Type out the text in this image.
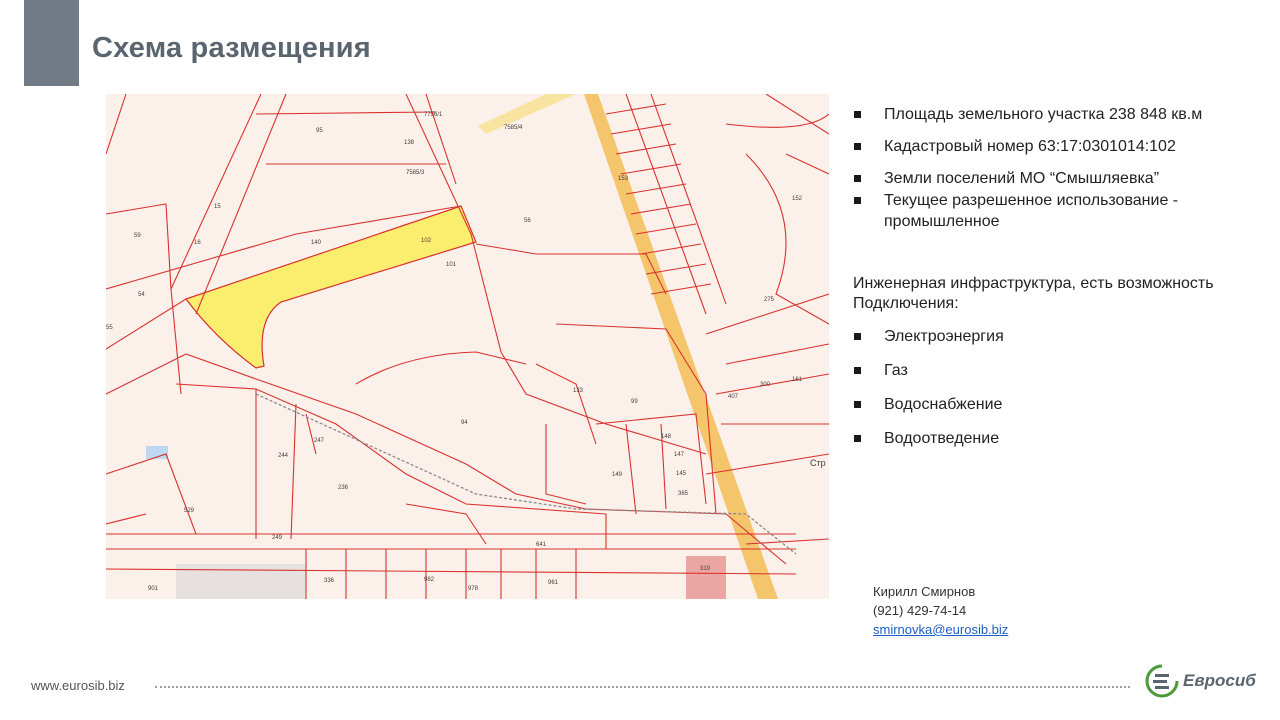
Схема размещения
7756/1
95	7585/4
138
7585/3
140	102
101
56
16
59
54
55
15
153
152
275
133
99
148
147
145
365
149
94
244
247
236
529
249
641
336	982
978
961
901
319
407
300
161
Стр
Площадь земельного участка 238 848 кв.м
Кадастровый номер 63:17:0301014:102
Земли поселений МО “Смышляевка”
Текущее разрешенное использование - промышленное
Инженерная инфраструктура, есть возможность Подключения:
Электроэнергия
Газ
Водоснабжение
Водоотведение
Кирилл Смирнов
(921) 429-74-14
smirnovka@eurosib.biz
www.eurosib.biz	Евросиб
